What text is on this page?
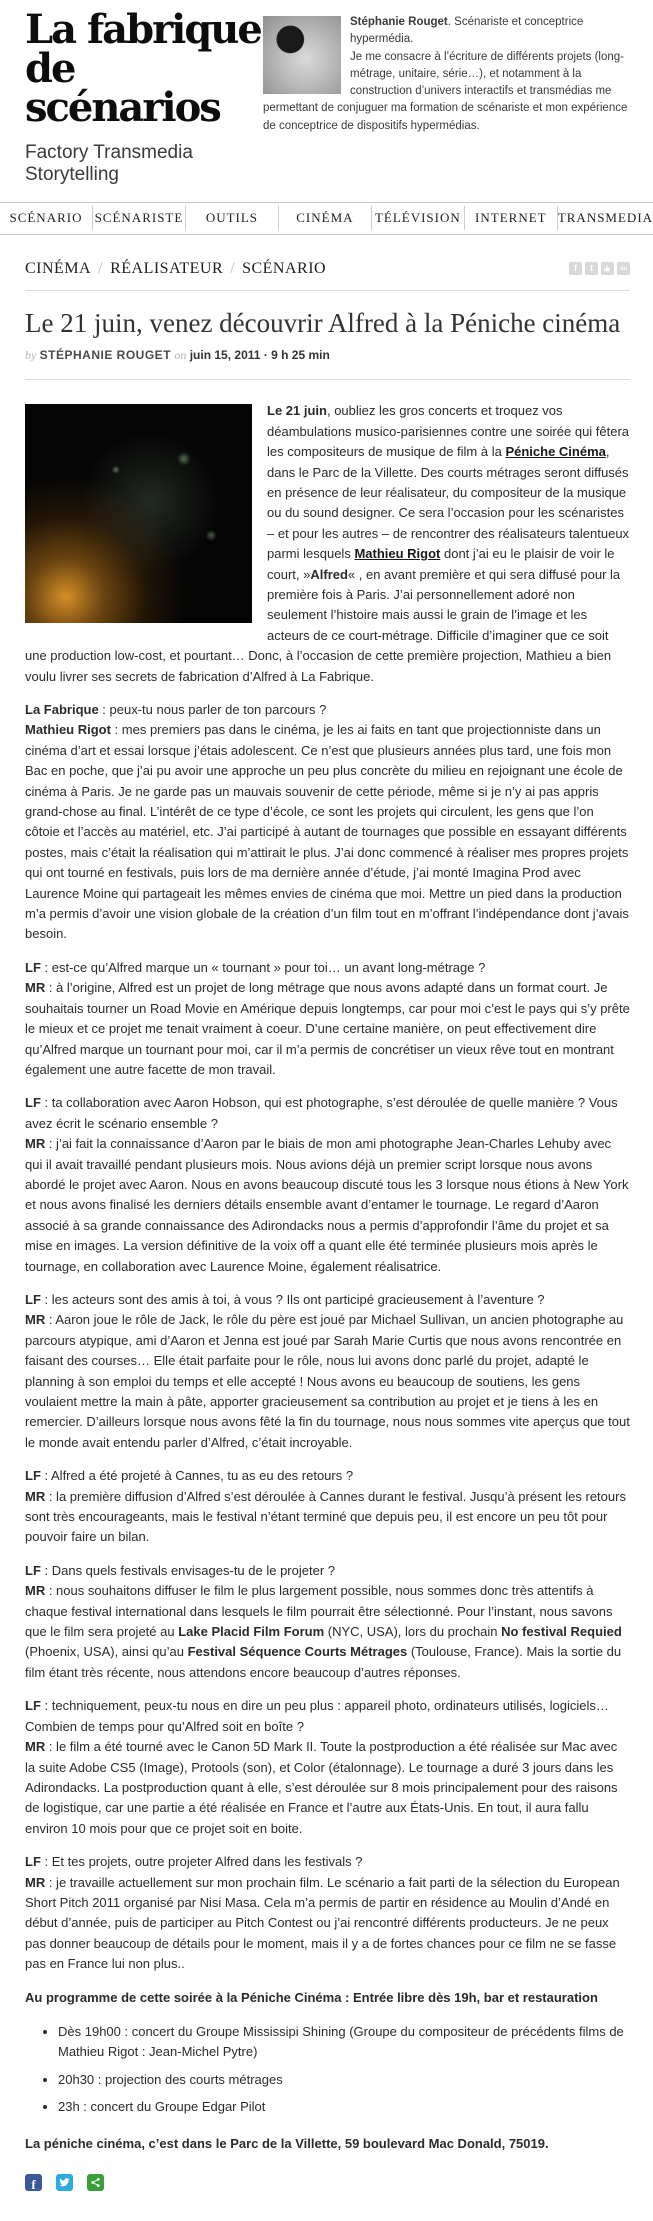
La fabrique
de scénarios
Factory Transmedia Storytelling
Stéphanie Rouget. Scénariste et conceptrice hypermédia.
Je me consacre à l’écriture de différents projets (long-métrage, unitaire, série…), et notamment à la construction d’univers interactifs et transmédias me permettant de conjuguer ma formation de scénariste et mon expérience de conceptrice de dispositifs hypermédias.
SCÉNARIO SCÉNARISTE	OUTILS	CINÉMA	TÉLÉVISION	INTERNET TRANSMEDIA
CINÉMA / RÉALISATEUR / SCÉNARIO	f	t	su
Le 21 juin, venez découvrir Alfred à la Péniche cinéma
by STÉPHANIE ROUGET on juin 15, 2011 · 9 h 25 min

Le 21 juin, oubliez les gros concerts et troquez vos déambulations musico-parisiennes contre une soirée qui fêtera les compositeurs de musique de film à la Péniche Cinéma, dans le Parc de la Villette. Des courts métrages seront diffusés en présence de leur réalisateur, du compositeur de la musique ou du sound designer. Ce sera l’occasion pour les scénaristes – et pour les autres – de rencontrer des réalisateurs talentueux parmi lesquels Mathieu Rigot dont j’ai eu le plaisir de voir le court, »Alfred« , en avant première et qui sera diffusé pour la première fois à Paris. J’ai personnellement adoré non seulement l’histoire mais aussi le grain de l’image et les acteurs de ce court-métrage. Difficile d’imaginer que ce soit une production low-cost, et pourtant… Donc, à l’occasion de cette première projection, Mathieu a bien voulu livrer ses secrets de fabrication d’Alfred à La Fabrique.

La Fabrique : peux-tu nous parler de ton parcours ?
Mathieu Rigot : mes premiers pas dans le cinéma, je les ai faits en tant que projectionniste dans un cinéma d’art et essai lorsque j’étais adolescent. Ce n’est que plusieurs années plus tard, une fois mon Bac en poche, que j’ai pu avoir une approche un peu plus concrète du milieu en rejoignant une école de cinéma à Paris. Je ne garde pas un mauvais souvenir de cette période, même si je n’y ai pas appris grand-chose au final. L’intérêt de ce type d’école, ce sont les projets qui circulent, les gens que l’on côtoie et l’accès au matériel, etc. J’ai participé à autant de tournages que possible en essayant différents postes, mais c’était la réalisation qui m’attirait le plus. J’ai donc commencé à réaliser mes propres projets qui ont tourné en festivals, puis lors de ma dernière année d’étude, j’ai monté Imagina Prod avec Laurence Moine qui partageait les mêmes envies de cinéma que moi. Mettre un pied dans la production m’a permis d’avoir une vision globale de la création d’un film tout en m’offrant l’indépendance dont j’avais besoin.

LF : est-ce qu’Alfred marque un « tournant » pour toi… un avant long-métrage ?
MR : à l’origine, Alfred est un projet de long métrage que nous avons adapté dans un format court. Je souhaitais tourner un Road Movie en Amérique depuis longtemps, car pour moi c’est le pays qui s’y prête le mieux et ce projet me tenait vraiment à coeur. D’une certaine manière, on peut effectivement dire qu’Alfred marque un tournant pour moi, car il m’a permis de concrétiser un vieux rêve tout en montrant également une autre facette de mon travail.

LF : ta collaboration avec Aaron Hobson, qui est photographe, s’est déroulée de quelle manière ? Vous avez écrit le scénario ensemble ?
MR : j’ai fait la connaissance d’Aaron par le biais de mon ami photographe Jean-Charles Lehuby avec qui il avait travaillé pendant plusieurs mois. Nous avions déjà un premier script lorsque nous avons abordé le projet avec Aaron. Nous en avons beaucoup discuté tous les 3 lorsque nous étions à New York et nous avons finalisé les derniers détails ensemble avant d’entamer le tournage. Le regard d’Aaron associé à sa grande connaissance des Adirondacks nous a permis d’approfondir l’âme du projet et sa mise en images. La version définitive de la voix off a quant elle été terminée plusieurs mois après le tournage, en collaboration avec Laurence Moine, également réalisatrice.

LF : les acteurs sont des amis à toi, à vous ? Ils ont participé gracieusement à l’aventure ?
MR : Aaron joue le rôle de Jack, le rôle du père est joué par Michael Sullivan, un ancien photographe au parcours atypique, ami d’Aaron et Jenna est joué par Sarah Marie Curtis que nous avons rencontrée en faisant des courses… Elle était parfaite pour le rôle, nous lui avons donc parlé du projet, adapté le planning à son emploi du temps et elle accepté ! Nous avons eu beaucoup de soutiens, les gens voulaient mettre la main à pâte, apporter gracieusement sa contribution au projet et je tiens à les en remercier. D’ailleurs lorsque nous avons fêté la fin du tournage, nous nous sommes vite aperçus que tout le monde avait entendu parler d’Alfred, c’était incroyable.

LF : Alfred a été projeté à Cannes, tu as eu des retours ?
MR : la première diffusion d’Alfred s’est déroulée à Cannes durant le festival. Jusqu’à présent les retours sont très encourageants, mais le festival n’étant terminé que depuis peu, il est encore un peu tôt pour pouvoir faire un bilan.

LF : Dans quels festivals envisages-tu de le projeter ?
MR : nous souhaitons diffuser le film le plus largement possible, nous sommes donc très attentifs à chaque festival international dans lesquels le film pourrait être sélectionné. Pour l’instant, nous savons que le film sera projeté au Lake Placid Film Forum (NYC, USA), lors du prochain No festival Requied (Phoenix, USA), ainsi qu’au Festival Séquence Courts Métrages (Toulouse, France). Mais la sortie du film étant très récente, nous attendons encore beaucoup d’autres réponses.

LF : techniquement, peux-tu nous en dire un peu plus : appareil photo, ordinateurs utilisés, logiciels… Combien de temps pour qu’Alfred soit en boîte ?
MR : le film a été tourné avec le Canon 5D Mark II. Toute la postproduction a été réalisée sur Mac avec la suite Adobe CS5 (Image), Protools (son), et Color (étalonnage). Le tournage a duré 3 jours dans les Adirondacks. La postproduction quant à elle, s’est déroulée sur 8 mois principalement pour des raisons de logistique, car une partie a été réalisée en France et l’autre aux États-Unis. En tout, il aura fallu environ 10 mois pour que ce projet soit en boite.

LF : Et tes projets, outre projeter Alfred dans les festivals ?
MR : je travaille actuellement sur mon prochain film. Le scénario a fait parti de la sélection du European Short Pitch 2011 organisé par Nisi Masa. Cela m’a permis de partir en résidence au Moulin d’Andé en début d’année, puis de participer au Pitch Contest ou j’ai rencontré différents producteurs. Je ne peux pas donner beaucoup de détails pour le moment, mais il y a de fortes chances pour ce film ne se fasse pas en France lui non plus..

Au programme de cette soirée à la Péniche Cinéma : Entrée libre dès 19h, bar et restauration

• Dès 19h00 : concert du Groupe Mississipi Shining (Groupe du compositeur de précédents films de Mathieu Rigot : Jean-Michel Pytre)
• 20h30 : projection des courts métrages
• 23h : concert du Groupe Edgar Pilot

La péniche cinéma, c’est dans le Parc de la Villette, 59 boulevard Mac Donald, 75019.

f
